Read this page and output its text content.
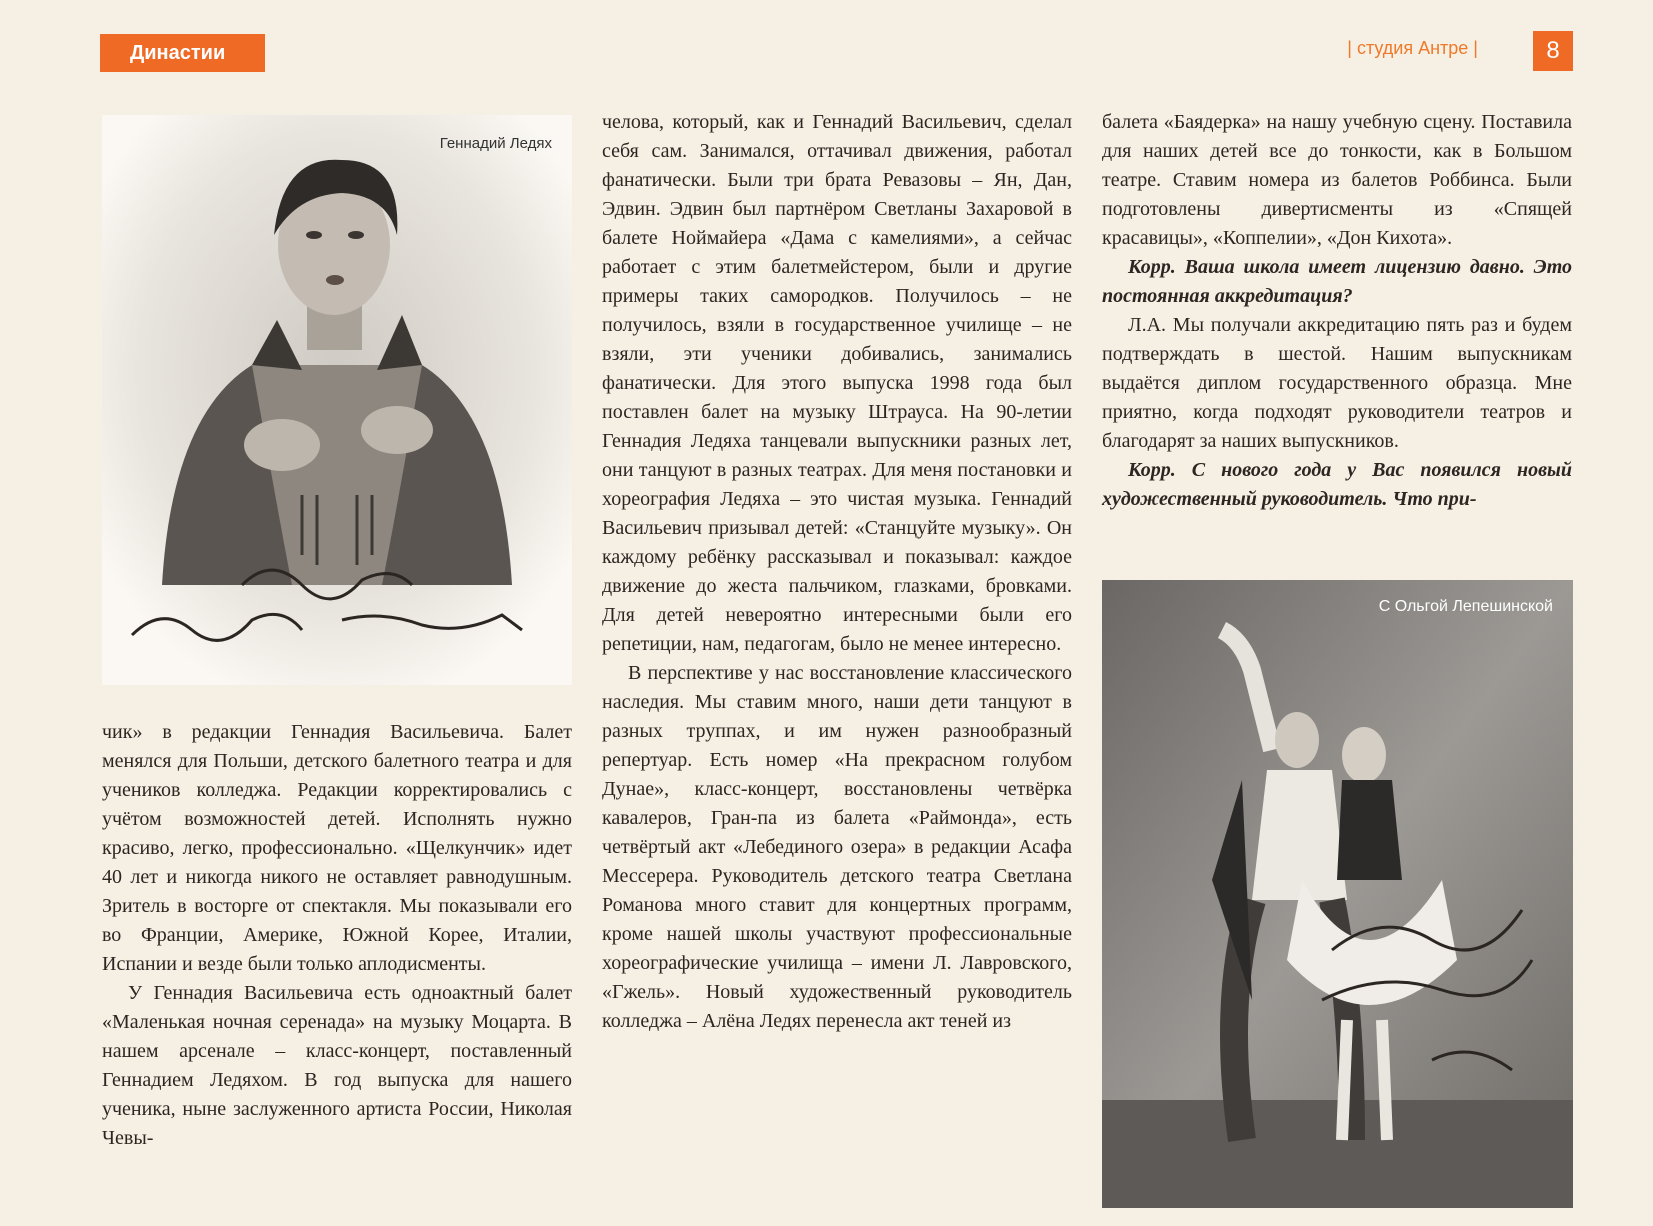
Династии	| студия Антре |	8
Геннадий Ледях
С Ольгой Лепешинской

чик» в редакции Геннадия Васильевича. Балет менялся для Польши, детского балетного театра и для учеников колледжа. Редакции корректировались с учётом возможностей детей. Исполнять нужно красиво, легко, профессионально. «Щелкунчик» идет 40 лет и никогда никого не оставляет равнодушным. Зритель в восторге от спектакля. Мы показывали его во Франции, Америке, Южной Корее, Италии, Испании и везде были только аплодисменты.

У Геннадия Васильевича есть одноактный балет «Маленькая ночная серенада» на музыку Моцарта. В нашем арсенале – класс-концерт, поставленный Геннадием Ледяхом. В год выпуска для нашего ученика, ныне заслуженного артиста России, Николая Чевы-

челова, который, как и Геннадий Васильевич, сделал себя сам. Занимался, оттачивал движения, работал фанатически. Были три брата Ревазовы – Ян, Дан, Эдвин. Эдвин был партнёром Светланы Захаровой в балете Ноймайера «Дама с камелиями», а сейчас работает с этим балетмейстером, были и другие примеры таких самородков. Получилось – не получилось, взяли в государственное училище – не взяли, эти ученики добивались, занимались фанатически. Для этого выпуска 1998 года был поставлен балет на музыку Штрауса. На 90-летии Геннадия Ледяха танцевали выпускники разных лет, они танцуют в разных театрах. Для меня постановки и хореография Ледяха – это чистая музыка. Геннадий Васильевич призывал детей: «Станцуйте музыку». Он каждому ребёнку рассказывал и показывал: каждое движение до жеста пальчиком, глазками, бровками. Для детей невероятно интересными были его репетиции, нам, педагогам, было не менее интересно.

В перспективе у нас восстановление классического наследия. Мы ставим много, наши дети танцуют в разных труппах, и им нужен разнообразный репертуар. Есть номер «На прекрасном голубом Дунае», класс-концерт, восстановлены четвёрка кавалеров, Гран-па из балета «Раймонда», есть четвёртый акт «Лебединого озера» в редакции Асафа Мессерера. Руководитель детского театра Светлана Романова много ставит для концертных программ, кроме нашей школы участвуют профессиональные хореографические училища – имени Л. Лавровского, «Гжель». Новый художественный руководитель колледжа – Алёна Ледях перенесла акт теней из

балета «Баядерка» на нашу учебную сцену. Поставила для наших детей все до тонкости, как в Большом театре. Ставим номера из балетов Роббинса. Были подготовлены дивертисменты из «Спящей красавицы», «Коппелии», «Дон Кихота».

Корр. Ваша школа имеет лицензию давно. Это постоянная аккредитация?

Л.А. Мы получали аккредитацию пять раз и будем подтверждать в шестой. Нашим выпускникам выдаётся диплом государственного образца. Мне приятно, когда подходят руководители театров и благодарят за наших выпускников.

Корр. С нового года у Вас появился новый художественный руководитель. Что при-
